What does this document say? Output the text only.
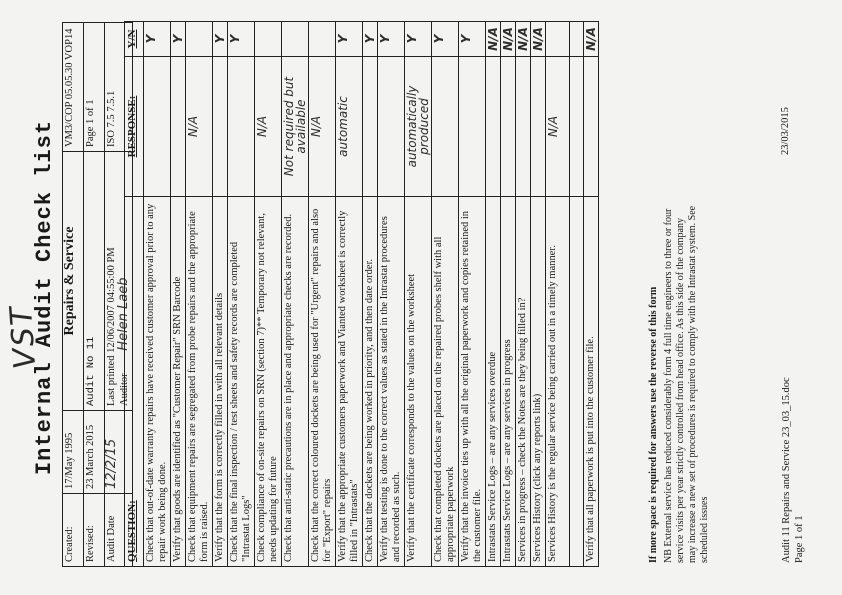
VST
Internal Audit Check list
Created:	17/May 1995	Repairs & Service	VM3/COP 05.05.30 VOP14
Revised:	23 March 2015	Audit No 11	Page 1 of 1
Audit Date	12/2/15	Last printed 12/06/2007 04:55:00 PM Auditor Helen Laeb	ISO 7.5 7.5.1
QUESTION:	RESPONSE:	Y/N
Check that out-of-date warranty repairs have received customer approval prior to any repair work being done.		Y
Verify that goods are identified as "Customer Repair" SRN Barcode		Y
Check that equipment repairs are segregated from probe repairs and the appropriate form is raised.	N/A	
Verify that the form is correctly filled in with all relevant details		Y
Check that the final inspection / test sheets and safety records are completed "Intrastat Logs"		Y
Check compliance of on-site repairs on SRN (section 7)** Temporary not relevant, needs updating for future	N/A	
Check that anti-static precautions are in place and appropriate checks are recorded.	Not required but available	
Check that the correct coloured dockets are being used for "Urgent" repairs and also for "Export" repairs	N/A	
Verify that the appropriate customers paperwork and Vianted worksheet is correctly filled in "Intrastats"	automatic	Y
Check that the dockets are being worked in priority, and then date order.		Y
Verify that testing is done to the correct values as stated in the Intrastat procedures and recorded as such.		Y
Verify that the certificate corresponds to the values on the worksheet	automatically produced	Y
Check that completed dockets are placed on the repaired probes shelf with all appropriate paperwork		Y
Verify that the invoice ties up with all the original paperwork and copies retained in the customer file.		Y
Intrastats Service Logs – are any services overdue		N/A
Intrastats Service Logs – are any services in progress		N/A
Services in progress – check the Notes are they being filled in?		N/A
Services History (click any reports link)		N/A
Services History is the regular service being carried out in a timely manner.	N/A	

Verify that all paperwork is put into the customer file.		N/A
If more space is required for answers use the reverse of this form NB External service has reduced considerably form 4 full time engineers to three or four service visits per year strictly controlled from head office. As this side of the company may increase a new set of procedures is required to comply with the Intrastat system. See scheduled issues	Audit 11 Repairs and Service 23_03_15.doc Page 1 of 1
23/03/2015
